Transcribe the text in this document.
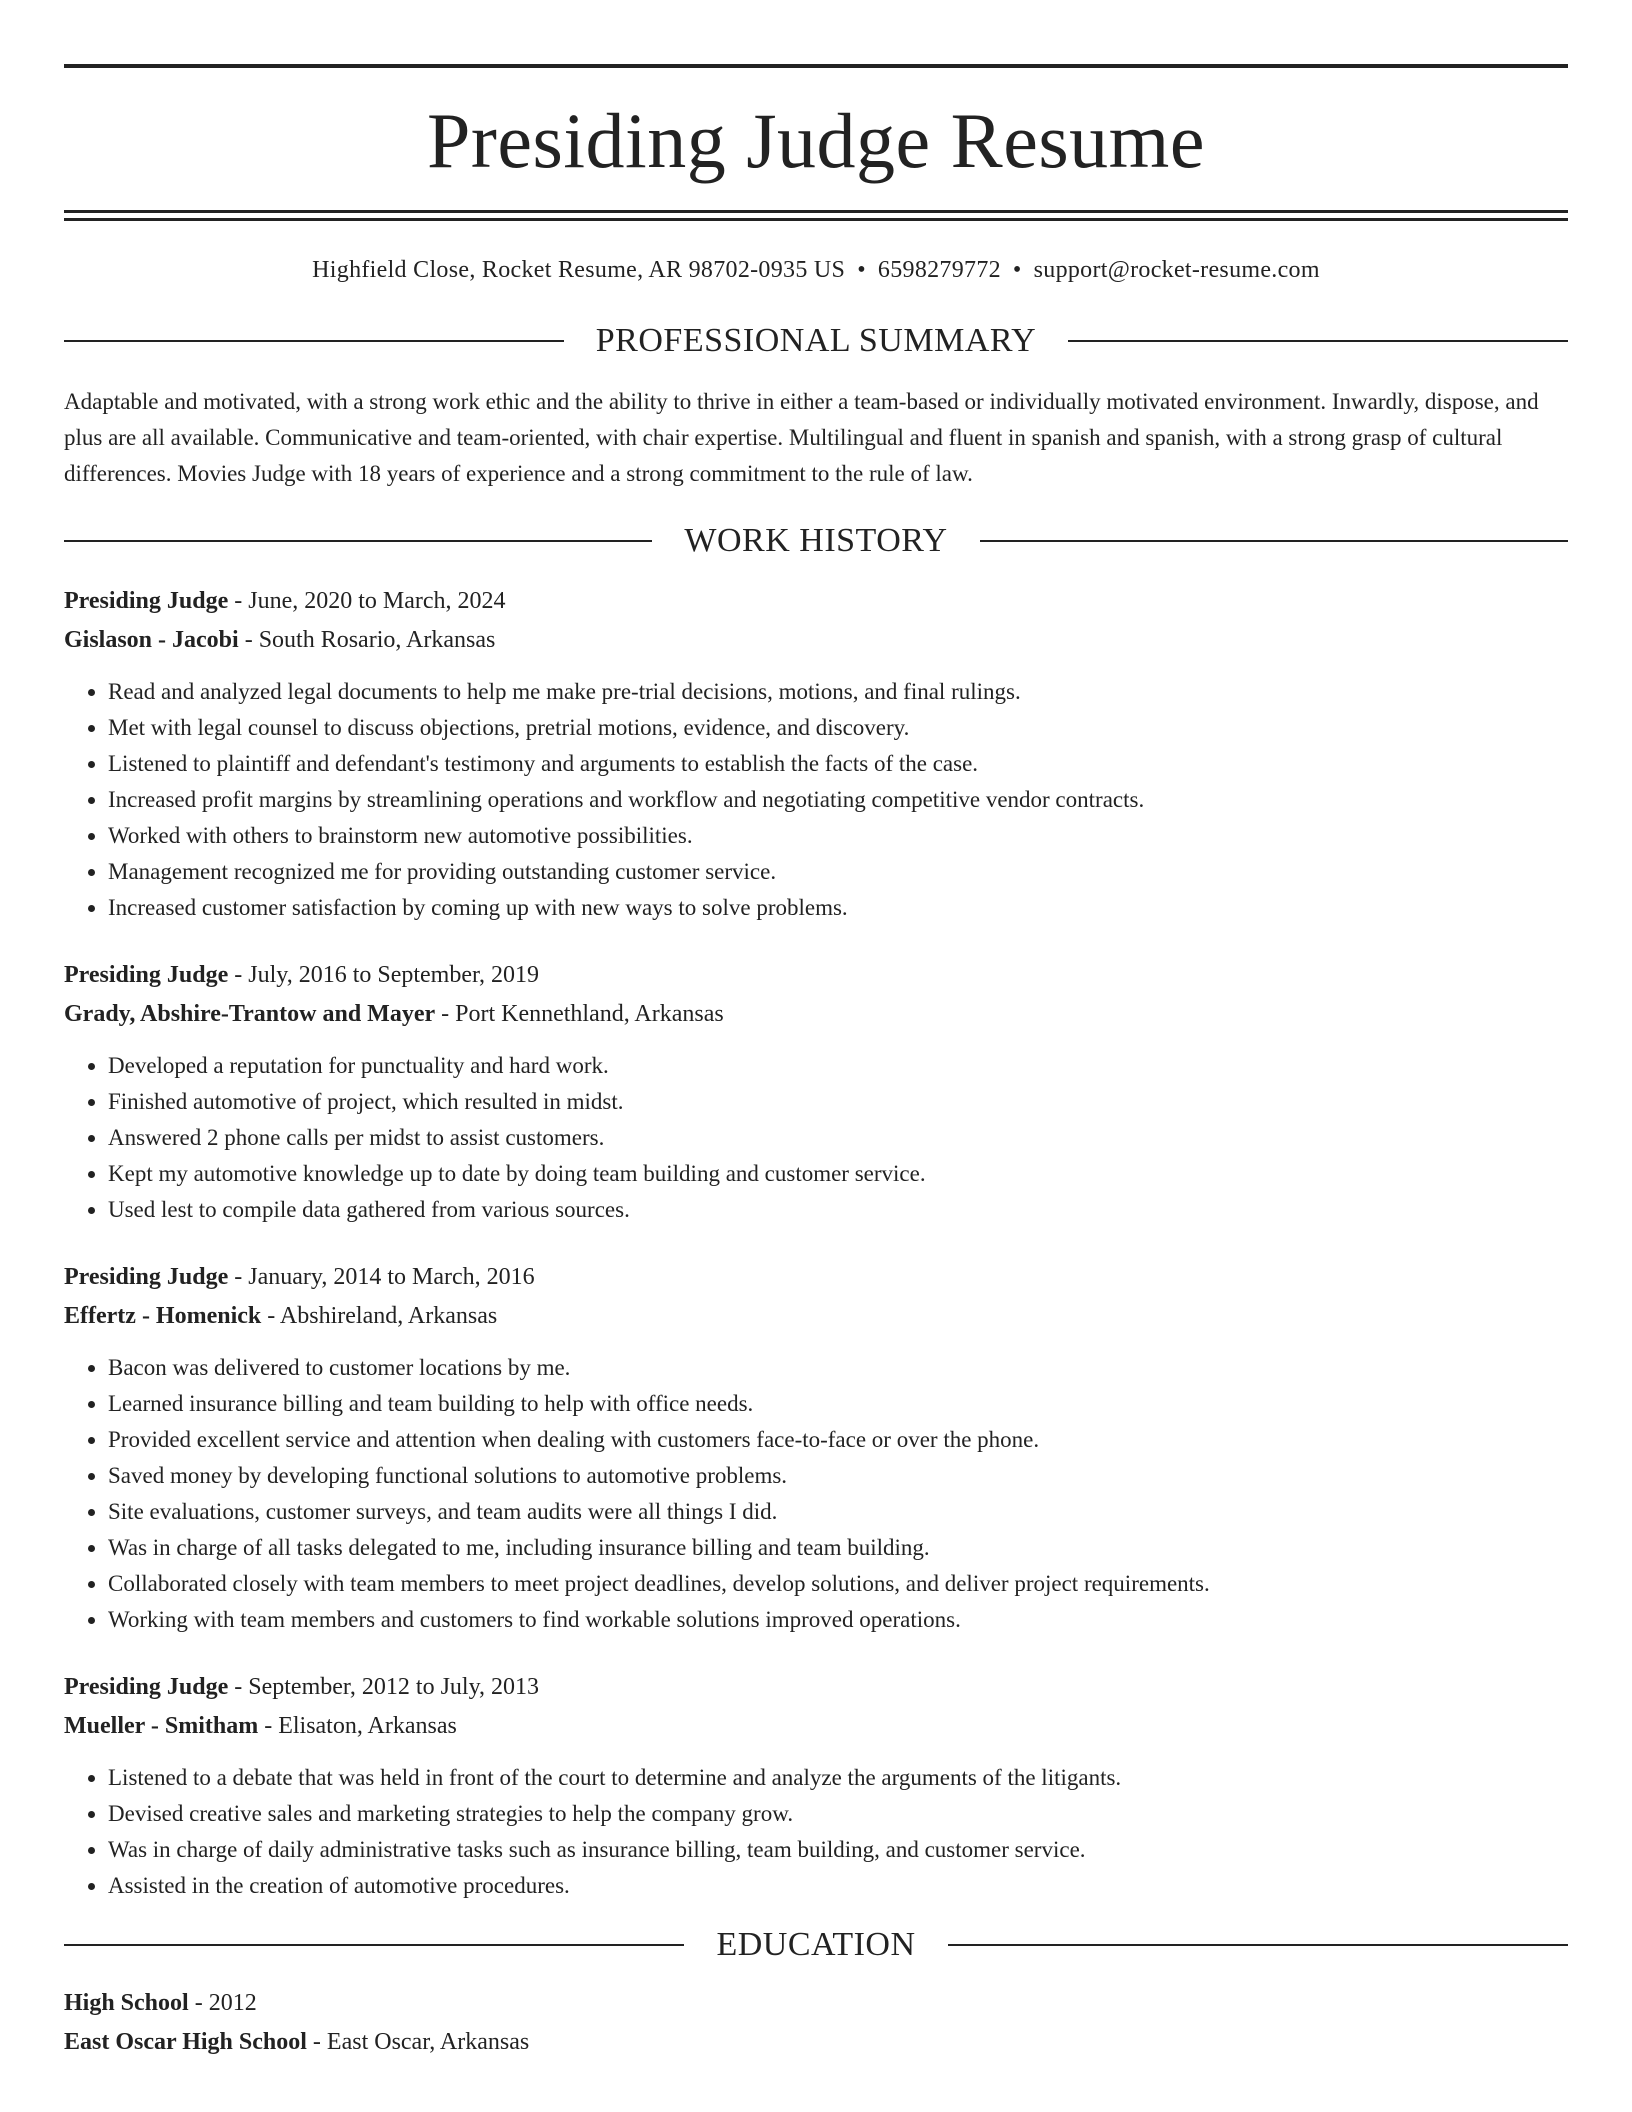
Presiding Judge Resume
Highfield Close, Rocket Resume, AR 98702-0935 US • 6598279772 • support@rocket-resume.com
PROFESSIONAL SUMMARY
Adaptable and motivated, with a strong work ethic and the ability to thrive in either a team-based or individually motivated environment. Inwardly, dispose, and plus are all available. Communicative and team-oriented, with chair expertise. Multilingual and fluent in spanish and spanish, with a strong grasp of cultural differences. Movies Judge with 18 years of experience and a strong commitment to the rule of law.
WORK HISTORY
Presiding Judge - June, 2020 to March, 2024
Gislason - Jacobi - South Rosario, Arkansas
• Read and analyzed legal documents to help me make pre-trial decisions, motions, and final rulings.
• Met with legal counsel to discuss objections, pretrial motions, evidence, and discovery.
• Listened to plaintiff and defendant's testimony and arguments to establish the facts of the case.
• Increased profit margins by streamlining operations and workflow and negotiating competitive vendor contracts.
• Worked with others to brainstorm new automotive possibilities.
• Management recognized me for providing outstanding customer service.
• Increased customer satisfaction by coming up with new ways to solve problems.
Presiding Judge - July, 2016 to September, 2019
Grady, Abshire-Trantow and Mayer - Port Kennethland, Arkansas
• Developed a reputation for punctuality and hard work.
• Finished automotive of project, which resulted in midst.
• Answered 2 phone calls per midst to assist customers.
• Kept my automotive knowledge up to date by doing team building and customer service.
• Used lest to compile data gathered from various sources.
Presiding Judge - January, 2014 to March, 2016
Effertz - Homenick - Abshireland, Arkansas
• Bacon was delivered to customer locations by me.
• Learned insurance billing and team building to help with office needs.
• Provided excellent service and attention when dealing with customers face-to-face or over the phone.
• Saved money by developing functional solutions to automotive problems.
• Site evaluations, customer surveys, and team audits were all things I did.
• Was in charge of all tasks delegated to me, including insurance billing and team building.
• Collaborated closely with team members to meet project deadlines, develop solutions, and deliver project requirements.
• Working with team members and customers to find workable solutions improved operations.
Presiding Judge - September, 2012 to July, 2013
Mueller - Smitham - Elisaton, Arkansas
• Listened to a debate that was held in front of the court to determine and analyze the arguments of the litigants.
• Devised creative sales and marketing strategies to help the company grow.
• Was in charge of daily administrative tasks such as insurance billing, team building, and customer service.
• Assisted in the creation of automotive procedures.
EDUCATION
High School - 2012
East Oscar High School - East Oscar, Arkansas
